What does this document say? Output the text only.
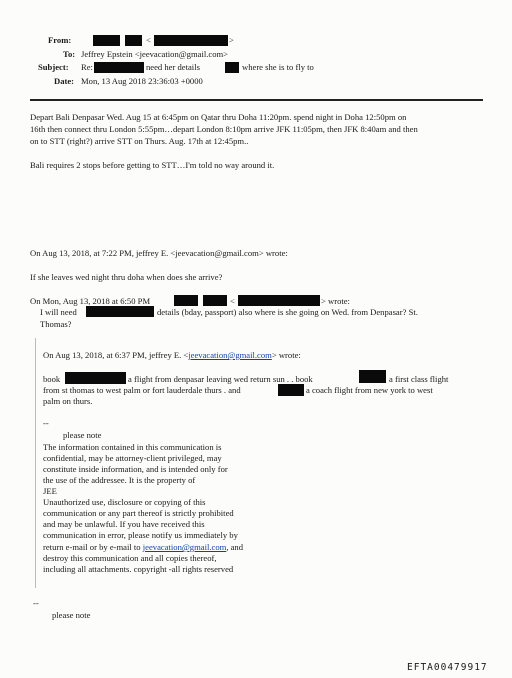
From:	<	>
To: Jeffrey Epstein <jeevacation@gmail.com>
Subject: Re:	need her details	where she is to fly to
Date: Mon, 13 Aug 2018 23:36:03 +0000
Depart Bali Denpasar Wed. Aug 15 at 6:45pm on Qatar thru Doha 11:20pm. spend night in Doha 12:50pm on
16th then connect thru London 5:55pm…depart London 8:10pm arrive JFK 11:05pm, then JFK 8:40am and then
on to STT (right?) arrive STT on Thurs. Aug. 17th at 12:45pm..
Bali requires 2 stops before getting to STT…I'm told no way around it.
On Aug 13, 2018, at 7:22 PM, jeffrey E. <jeevacation@gmail.com> wrote:
If she leaves wed night thru doha when does she arrive?
On Mon, Aug 13, 2018 at 6:50 PM	<	> wrote:
I will need	details (bday, passport) also where is she going on Wed. from Denpasar? St.
Thomas?
On Aug 13, 2018, at 6:37 PM, jeffrey E. <jeevacation@gmail.com> wrote:
book	a flight from denpasar leaving wed return sun . . book	a first class flight
from st thomas to west palm or fort lauderdale thurs . and	a coach flight from new york to west
palm on thurs.
--
please note
The information contained in this communication is
confidential, may be attorney-client privileged, may
constitute inside information, and is intended only for
the use of the addressee. It is the property of
JEE
Unauthorized use, disclosure or copying of this
communication or any part thereof is strictly prohibited
and may be unlawful. If you have received this
communication in error, please notify us immediately by
return e-mail or by e-mail to jeevacation@gmail.com, and
destroy this communication and all copies thereof,
including all attachments. copyright -all rights reserved
--
please note
EFTA00479917
